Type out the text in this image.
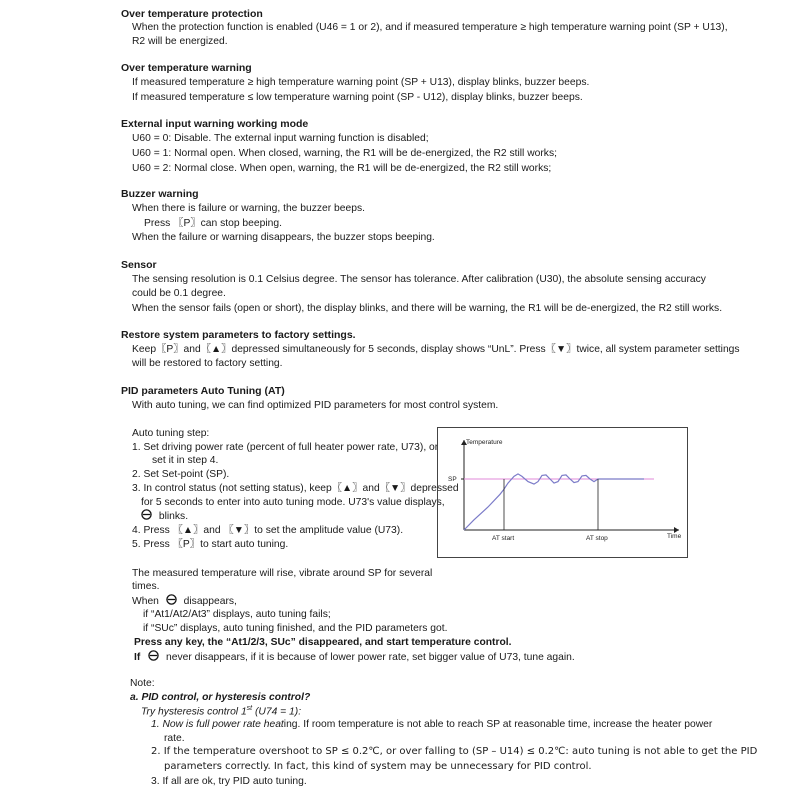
Over temperature protection
When the protection function is enabled (U46 = 1 or 2), and if measured temperature ≥ high temperature warning point (SP + U13),
R2 will be energized.
Over temperature warning
If measured temperature ≥ high temperature warning point (SP + U13), display blinks, buzzer beeps.
If measured temperature ≤ low temperature warning point (SP - U12), display blinks, buzzer beeps.
External input warning working mode
U60 = 0: Disable. The external input warning function is disabled;
U60 = 1: Normal open. When closed, warning, the R1 will be de-energized, the R2 still works;
U60 = 2: Normal close. When open, warning, the R1 will be de-energized, the R2 still works;
Buzzer warning
When there is failure or warning, the buzzer beeps.
Press 〖P〗can stop beeping.
When the failure or warning disappears, the buzzer stops beeping.
Sensor
The sensing resolution is 0.1 Celsius degree. The sensor has tolerance. After calibration (U30), the absolute sensing accuracy
could be 0.1 degree.
When the sensor fails (open or short), the display blinks, and there will be warning, the R1 will be de-energized, the R2 still works.
Restore system parameters to factory settings.
Keep〖P〗and〖▲〗depressed simultaneously for 5 seconds, display shows “UnL”. Press〖▼〗twice, all system parameter settings
will be restored to factory setting.
PID parameters Auto Tuning (AT)
With auto tuning, we can find optimized PID parameters for most control system.
Auto tuning step:
1. Set driving power rate (percent of full heater power rate, U73), or
set it in step 4.
2. Set Set-point (SP).
3. In control status (not setting status), keep〖▲〗and〖▼〗depressed
for 5 seconds to enter into auto tuning mode. U73's value displays,
blinks.
4. Press 〖▲〗and 〖▼〗to set the amplitude value (U73).
5. Press 〖P〗to start auto tuning.
Temperature
Time
SP
AT start	AT stop
The measured temperature will rise, vibrate around SP for several
times.
When disappears,
if “At1/At2/At3” displays, auto tuning fails;
if “SUc” displays, auto tuning finished, and the PID parameters got.
Press any key, the “At1/2/3, SUc” disappeared, and start temperature control.
If	never disappears, if it is because of lower power rate, set bigger value of U73, tune again.
Note:
a. PID control, or hysteresis control?
Try hysteresis control 1st (U74 = 1):
1. Now is full power rate heating. If room temperature is not able to reach SP at reasonable time, increase the heater power
rate.
2. If the temperature overshoot to SP ≤ 0.2℃, or over falling to (SP – U14) ≤ 0.2℃: auto tuning is not able to get the PID
parameters correctly. In fact, this kind of system may be unnecessary for PID control.
3. If all are ok, try PID auto tuning.
